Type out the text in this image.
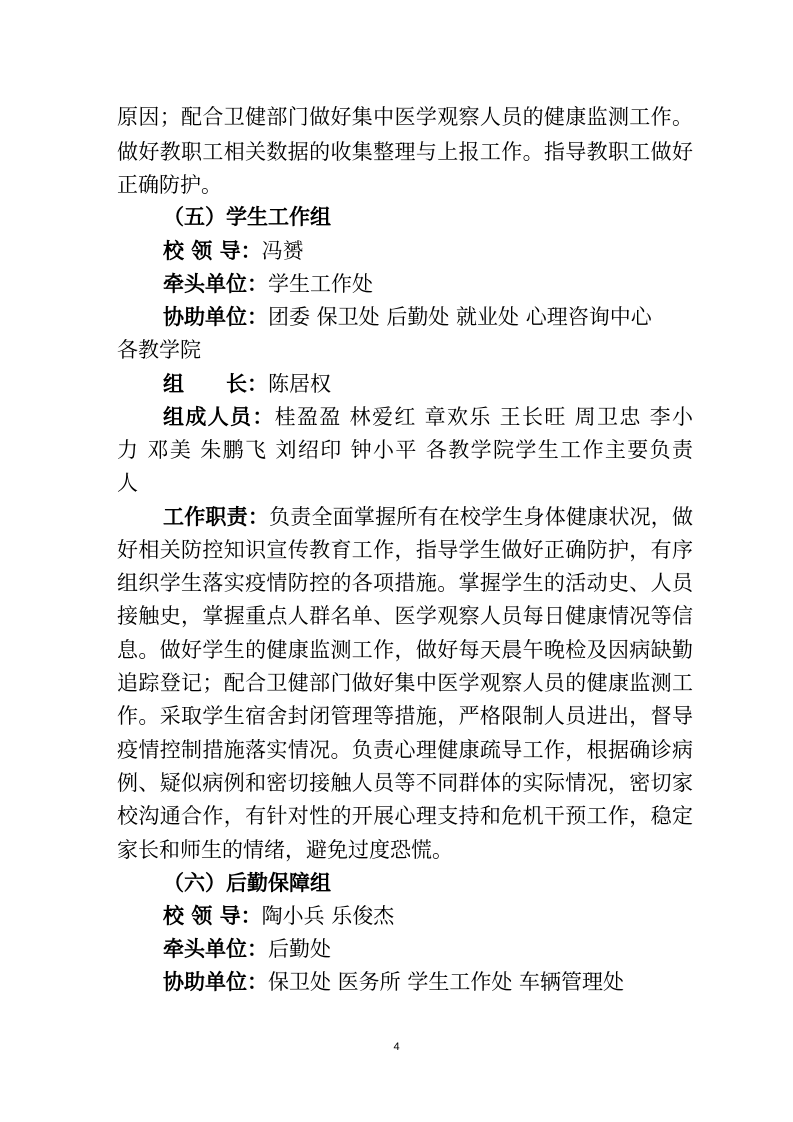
原因；配合卫健部门做好集中医学观察人员的健康监测工作。
做好教职工相关数据的收集整理与上报工作。指导教职工做好
正确防护。
（五）学生工作组
校 领 导：冯赟
牵头单位：学生工作处
协助单位：团委 保卫处 后勤处 就业处 心理咨询中心
各教学院
组　　长：陈居权
组成人员：桂盈盈 林爱红 章欢乐 王长旺 周卫忠 李小
力 邓美 朱鹏飞 刘绍印 钟小平 各教学院学生工作主要负责
人
工作职责：负责全面掌握所有在校学生身体健康状况，做
好相关防控知识宣传教育工作，指导学生做好正确防护，有序
组织学生落实疫情防控的各项措施。掌握学生的活动史、人员
接触史，掌握重点人群名单、医学观察人员每日健康情况等信
息。做好学生的健康监测工作，做好每天晨午晚检及因病缺勤
追踪登记；配合卫健部门做好集中医学观察人员的健康监测工
作。采取学生宿舍封闭管理等措施，严格限制人员进出，督导
疫情控制措施落实情况。负责心理健康疏导工作，根据确诊病
例、疑似病例和密切接触人员等不同群体的实际情况，密切家
校沟通合作，有针对性的开展心理支持和危机干预工作，稳定
家长和师生的情绪，避免过度恐慌。
（六）后勤保障组
校 领 导：陶小兵 乐俊杰
牵头单位：后勤处
协助单位：保卫处 医务所 学生工作处 车辆管理处
4
